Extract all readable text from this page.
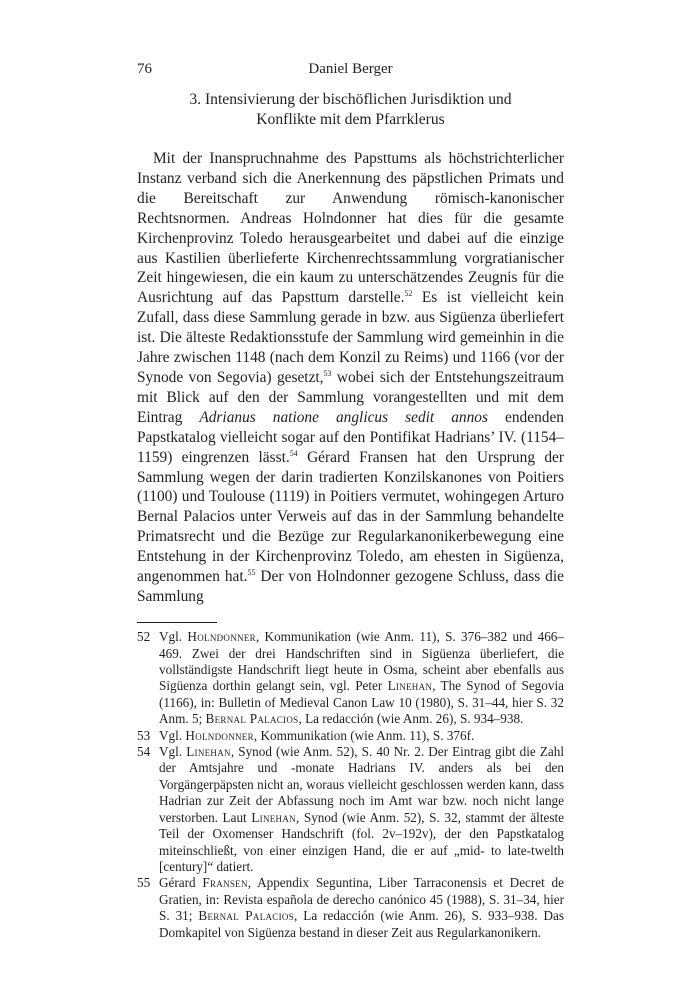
76	Daniel Berger
3. Intensivierung der bischöflichen Jurisdiktion und
Konflikte mit dem Pfarrklerus

Mit der Inanspruchnahme des Papsttums als höchstrichterlicher Instanz verband sich die Anerkennung des päpstlichen Primats und die Bereitschaft zur Anwendung römisch-kanonischer Rechtsnormen. Andreas Holndonner hat dies für die gesamte Kirchenprovinz Toledo herausgearbeitet und dabei auf die einzige aus Kastilien überlieferte Kirchenrechtssammlung vorgratianischer Zeit hingewiesen, die ein kaum zu unterschätzendes Zeugnis für die Ausrichtung auf das Papsttum darstelle.$^{52}$ Es ist vielleicht kein Zufall, dass diese Sammlung gerade in bzw. aus Sigüenza überliefert ist. Die älteste Redaktionsstufe der Sammlung wird gemeinhin in die Jahre zwischen 1148 (nach dem Konzil zu Reims) und 1166 (vor der Synode von Segovia) gesetzt,$^{53}$ wobei sich der Entstehungszeitraum mit Blick auf den der Sammlung vorangestellten und mit dem Eintrag Adrianus natione anglicus sedit annos endenden Papstkatalog vielleicht sogar auf den Pontifikat Hadrians’ IV. (1154–1159) eingrenzen lässt.$^{54}$ Gérard Fransen hat den Ursprung der Sammlung wegen der darin tradierten Konzilskanones von Poitiers (1100) und Toulouse (1119) in Poitiers vermutet, wohingegen Arturo Bernal Palacios unter Verweis auf das in der Sammlung behandelte Primatsrecht und die Bezüge zur Regularkanonikerbewegung eine Entstehung in der Kirchenprovinz Toledo, am ehesten in Sigüenza, angenommen hat.$^{55}$ Der von Holndonner gezogene Schluss, dass die Sammlung

52 Vgl. Holndonner, Kommunikation (wie Anm. 11), S. 376–382 und 466–469. Zwei der drei Handschriften sind in Sigüenza überliefert, die vollständigste Handschrift liegt heute in Osma, scheint aber ebenfalls aus Sigüenza dorthin gelangt sein, vgl. Peter Linehan, The Synod of Segovia (1166), in: Bulletin of Medieval Canon Law 10 (1980), S. 31–44, hier S. 32 Anm. 5; Bernal Palacios, La redacción (wie Anm. 26), S. 934–938.
53 Vgl. Holndonner, Kommunikation (wie Anm. 11), S. 376f.
54 Vgl. Linehan, Synod (wie Anm. 52), S. 40 Nr. 2. Der Eintrag gibt die Zahl der Amtsjahre und -monate Hadrians IV. anders als bei den Vorgängerpäpsten nicht an, woraus vielleicht geschlossen werden kann, dass Hadrian zur Zeit der Abfassung noch im Amt war bzw. noch nicht lange verstorben. Laut Linehan, Synod (wie Anm. 52), S. 32, stammt der älteste Teil der Oxomenser Handschrift (fol. 2v–192v), der den Papstkatalog miteinschließt, von einer einzigen Hand, die er auf „mid- to late-twelth [century]“ datiert.
55 Gérard Fransen, Appendix Seguntina, Liber Tarraconensis et Decret de Gratien, in: Revista española de derecho canónico 45 (1988), S. 31–34, hier S. 31; Bernal Palacios, La redacción (wie Anm. 26), S. 933–938. Das Domkapitel von Sigüenza bestand in dieser Zeit aus Regularkanonikern.
